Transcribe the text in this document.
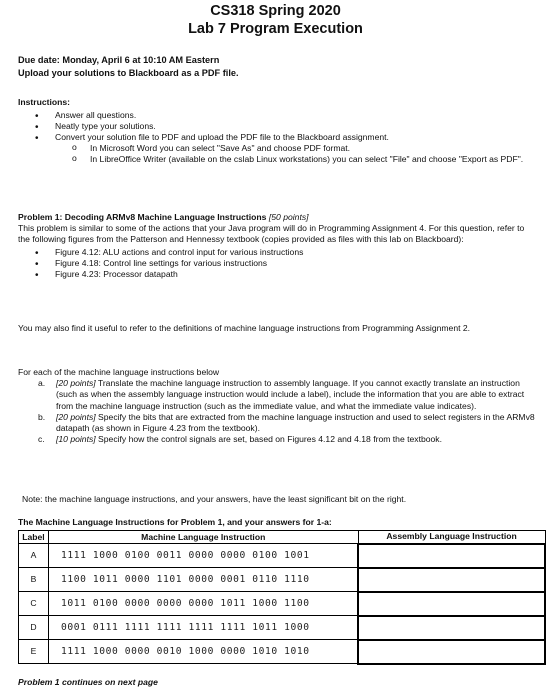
CS318 Spring 2020
Lab 7 Program Execution
Due date: Monday, April 6 at 10:10 AM Eastern
Upload your solutions to Blackboard as a PDF file.
Instructions:
• Answer all questions.
• Neatly type your solutions.
• Convert your solution file to PDF and upload the PDF file to the Blackboard assignment.
o In Microsoft Word you can select "Save As" and choose PDF format.
o In LibreOffice Writer (available on the cslab Linux workstations) you can select "File" and choose "Export as PDF".
Problem 1: Decoding ARMv8 Machine Language Instructions [50 points]

This problem is similar to some of the actions that your Java program will do in Programming Assignment 4. For this question, refer to the following figures from the Patterson and Hennessy textbook (copies provided as files with this lab on Blackboard):

• Figure 4.12: ALU actions and control input for various instructions
• Figure 4.18: Control line settings for various instructions
• Figure 4.23: Processor datapath

You may also find it useful to refer to the definitions of machine language instructions from Programming Assignment 2.

For each of the machine language instructions below
a. [20 points] Translate the machine language instruction to assembly language. If you cannot exactly translate an instruction (such as when the assembly language instruction would include a label), include the information that you are able to extract from the machine language instruction (such as the immediate value, and what the immediate value indicates).
b. [20 points] Specify the bits that are extracted from the machine language instruction and used to select registers in the ARMv8 datapath (as shown in Figure 4.23 from the textbook).
c. [10 points] Specify how the control signals are set, based on Figures 4.12 and 4.18 from the textbook.
Note: the machine language instructions, and your answers, have the least significant bit on the right.
The Machine Language Instructions for Problem 1, and your answers for 1-a:
Label	Machine Language Instruction	Assembly Language Instruction
A	1111 1000 0100 0011 0000 0000 0100 1001	
B	1100 1011 0000 1101 0000 0001 0110 1110	
C	1011 0100 0000 0000 0000 1011 1000 1100	
D	0001 0111 1111 1111 1111 1111 1011 1000	
E	1111 1000 0000 0010 1000 0000 1010 1010	
Problem 1 continues on next page
